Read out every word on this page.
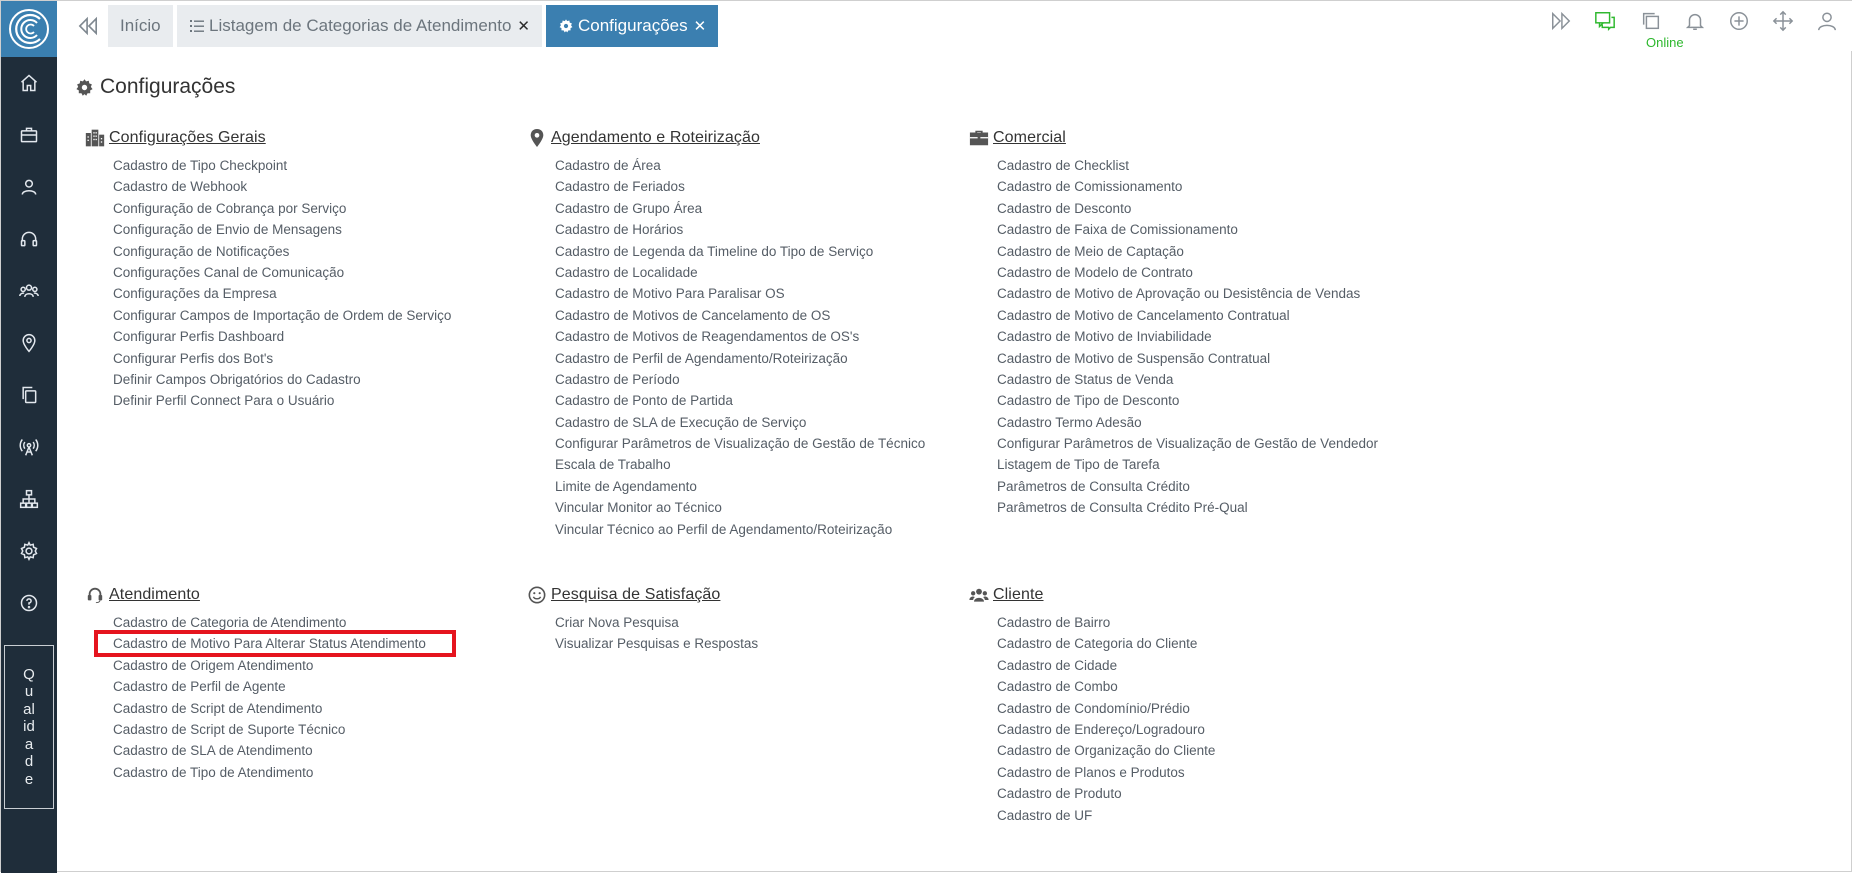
Qualidade
Início	Listagem de Categorias de Atendimento ✕	Configurações ✕
Online
Configurações
Configurações Gerais
Cadastro de Tipo Checkpoint
Cadastro de Webhook
Configuração de Cobrança por Serviço
Configuração de Envio de Mensagens
Configuração de Notificações
Configurações Canal de Comunicação
Configurações da Empresa
Configurar Campos de Importação de Ordem de Serviço
Configurar Perfis Dashboard
Configurar Perfis dos Bot's
Definir Campos Obrigatórios do Cadastro
Definir Perfil Connect Para o Usuário
Agendamento e Roteirização
Cadastro de Área
Cadastro de Feriados
Cadastro de Grupo Área
Cadastro de Horários
Cadastro de Legenda da Timeline do Tipo de Serviço
Cadastro de Localidade
Cadastro de Motivo Para Paralisar OS
Cadastro de Motivos de Cancelamento de OS
Cadastro de Motivos de Reagendamentos de OS's
Cadastro de Perfil de Agendamento/Roteirização
Cadastro de Período
Cadastro de Ponto de Partida
Cadastro de SLA de Execução de Serviço
Configurar Parâmetros de Visualização de Gestão de Técnico
Escala de Trabalho
Limite de Agendamento
Vincular Monitor ao Técnico
Vincular Técnico ao Perfil de Agendamento/Roteirização
Comercial
Cadastro de Checklist
Cadastro de Comissionamento
Cadastro de Desconto
Cadastro de Faixa de Comissionamento
Cadastro de Meio de Captação
Cadastro de Modelo de Contrato
Cadastro de Motivo de Aprovação ou Desistência de Vendas
Cadastro de Motivo de Cancelamento Contratual
Cadastro de Motivo de Inviabilidade
Cadastro de Motivo de Suspensão Contratual
Cadastro de Status de Venda
Cadastro de Tipo de Desconto
Cadastro Termo Adesão
Configurar Parâmetros de Visualização de Gestão de Vendedor
Listagem de Tipo de Tarefa
Parâmetros de Consulta Crédito
Parâmetros de Consulta Crédito Pré-Qual
Atendimento
Cadastro de Categoria de Atendimento
Cadastro de Motivo Para Alterar Status Atendimento
Cadastro de Origem Atendimento
Cadastro de Perfil de Agente
Cadastro de Script de Atendimento
Cadastro de Script de Suporte Técnico
Cadastro de SLA de Atendimento
Cadastro de Tipo de Atendimento
Pesquisa de Satisfação
Criar Nova Pesquisa
Visualizar Pesquisas e Respostas
Cliente
Cadastro de Bairro
Cadastro de Categoria do Cliente
Cadastro de Cidade
Cadastro de Combo
Cadastro de Condomínio/Prédio
Cadastro de Endereço/Logradouro
Cadastro de Organização do Cliente
Cadastro de Planos e Produtos
Cadastro de Produto
Cadastro de UF
